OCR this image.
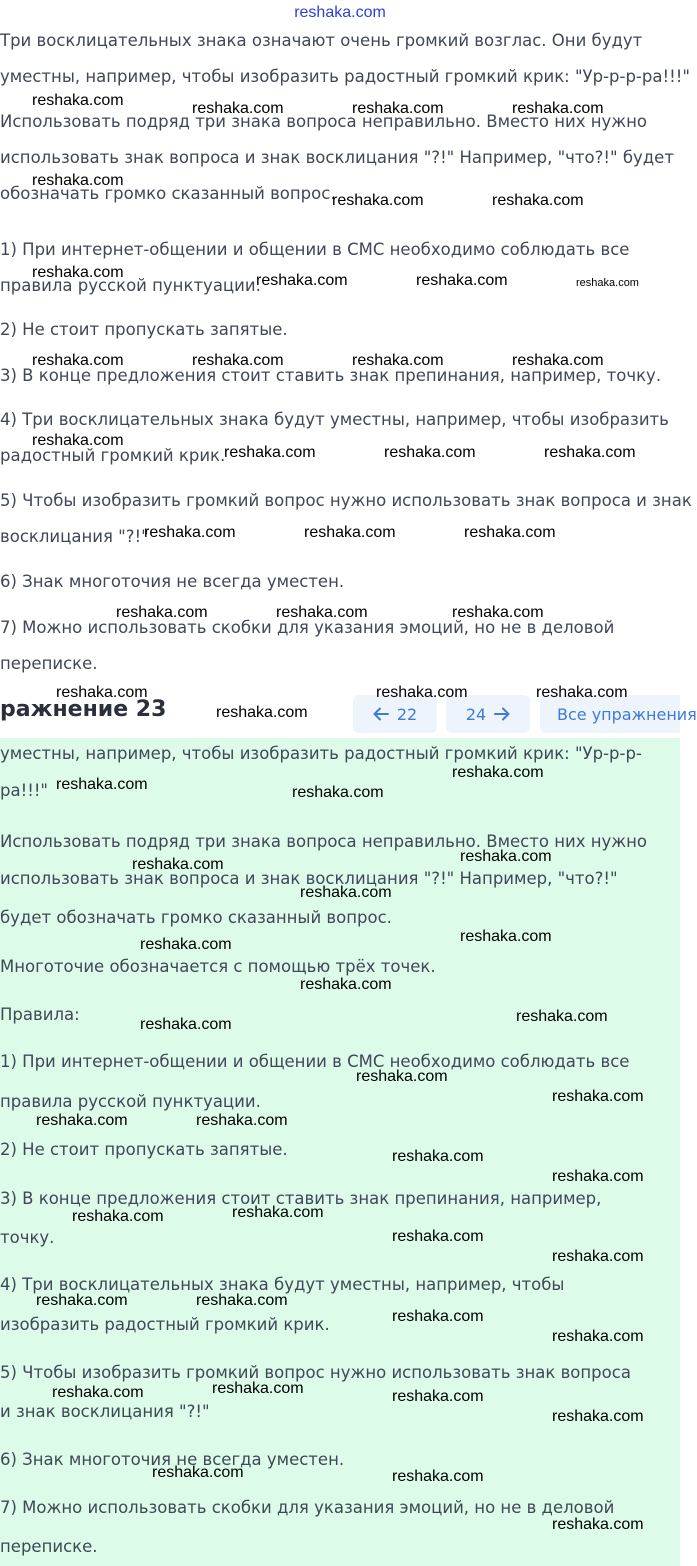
reshaka.com
Три восклицательных знака означают очень громкий возглас. Они будут
уместны, например, чтобы изобразить радостный громкий крик: "Ур-р-р-ра!!!"
Использовать подряд три знака вопроса неправильно. Вместо них нужно
использовать знак вопроса и знак восклицания "?!" Например, "что?!" будет
обозначать громко сказанный вопрос.
1) При интернет-общении и общении в СМС необходимо соблюдать все
правила русской пунктуации.
2) Не стоит пропускать запятые.
3) В конце предложения стоит ставить знак препинания, например, точку.
4) Три восклицательных знака будут уместны, например, чтобы изобразить
радостный громкий крик.
5) Чтобы изобразить громкий вопрос нужно использовать знак вопроса и знак
восклицания "?!"
6) Знак многоточия не всегда уместен.
7) Можно использовать скобки для указания эмоций, но не в деловой
переписке.
ражнение 23	22	24	Все упражнения
уместны, например, чтобы изобразить радостный громкий крик: "Ур-р-р-
ра!!!"
Использовать подряд три знака вопроса неправильно. Вместо них нужно
использовать знак вопроса и знак восклицания "?!" Например, "что?!"
будет обозначать громко сказанный вопрос.
Многоточие обозначается с помощью трёх точек.
Правила:
1) При интернет-общении и общении в СМС необходимо соблюдать все
правила русской пунктуации.
2) Не стоит пропускать запятые.
3) В конце предложения стоит ставить знак препинания, например,
точку.
4) Три восклицательных знака будут уместны, например, чтобы
изобразить радостный громкий крик.
5) Чтобы изобразить громкий вопрос нужно использовать знак вопроса
и знак восклицания "?!"
6) Знак многоточия не всегда уместен.
7) Можно использовать скобки для указания эмоций, но не в деловой
переписке.
reshaka.com	reshaka.com	reshaka.com	reshaka.com
reshaka.com
reshaka.com	reshaka.com
reshaka.com	reshaka.com	reshaka.com	reshaka.com
reshaka.com	reshaka.com	reshaka.com	reshaka.com
reshaka.com
reshaka.com	reshaka.com	reshaka.com
reshaka.com	reshaka.com	reshaka.com
reshaka.com	reshaka.com	reshaka.com
reshaka.com	reshaka.com	reshaka.com
reshaka.com
reshaka.com
reshaka.com	reshaka.com
reshaka.com
reshaka.com
reshaka.com
reshaka.com
reshaka.com
reshaka.com
reshaka.com
reshaka.com
reshaka.com
reshaka.com
reshaka.com	reshaka.com
reshaka.com
reshaka.com
reshaka.com
reshaka.com
reshaka.com
reshaka.com
reshaka.com	reshaka.com
reshaka.com
reshaka.com
reshaka.com
reshaka.com	reshaka.com
reshaka.com
reshaka.com	reshaka.com
reshaka.com
